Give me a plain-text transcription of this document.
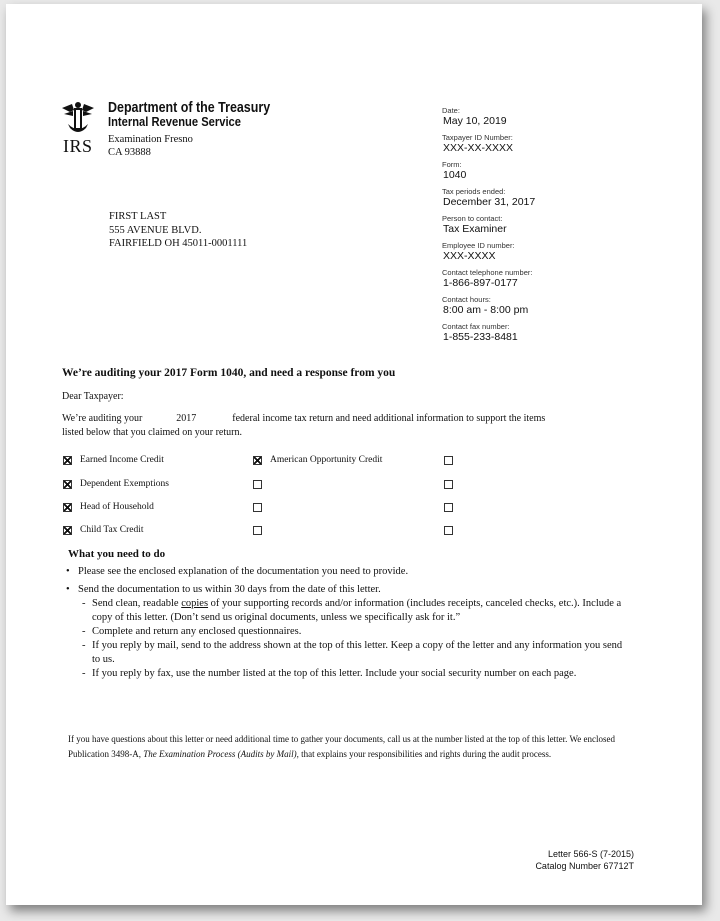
IRS
Department of the Treasury
Internal Revenue Service
Examination Fresno
CA 93888
FIRST LAST
555 AVENUE BLVD.
FAIRFIELD OH 45011-0001111
Date:
May 10, 2019
Taxpayer ID Number:
XXX-XX-XXXX
Form:
1040
Tax periods ended:
December 31, 2017
Person to contact:
Tax Examiner
Employee ID number:
XXX-XXXX
Contact telephone number:
1-866-897-0177
Contact hours:
8:00 am - 8:00 pm
Contact fax number:
1-855-233-8481
We’re auditing your 2017 Form 1040, and need a response from you
Dear Taxpayer:
We’re auditing your	2017	federal income tax return and need additional information to support the items
listed below that you claimed on your return.
Earned Income Credit
Dependent Exemptions
Head of Household
Child Tax Credit
American Opportunity Credit
What you need to do
• Please see the enclosed explanation of the documentation you need to provide.
• Send the documentation to us within 30 days from the date of this letter.
- Send clean, readable copies of your supporting records and/or information (includes receipts, canceled checks, etc.). Include a copy of this letter. (Don’t send us original documents, unless we specifically ask for it.”
- Complete and return any enclosed questionnaires.
- If you reply by mail, send to the address shown at the top of this letter. Keep a copy of the letter and any information you send to us.
- If you reply by fax, use the number listed at the top of this letter. Include your social security number on each page.
If you have questions about this letter or need additional time to gather your documents, call us at the number listed at the top of this letter. We enclosed Publication 3498-A, The Examination Process (Audits by Mail), that explains your responsibilities and rights during the audit process.
Letter 566-S (7-2015)
Catalog Number 67712T
